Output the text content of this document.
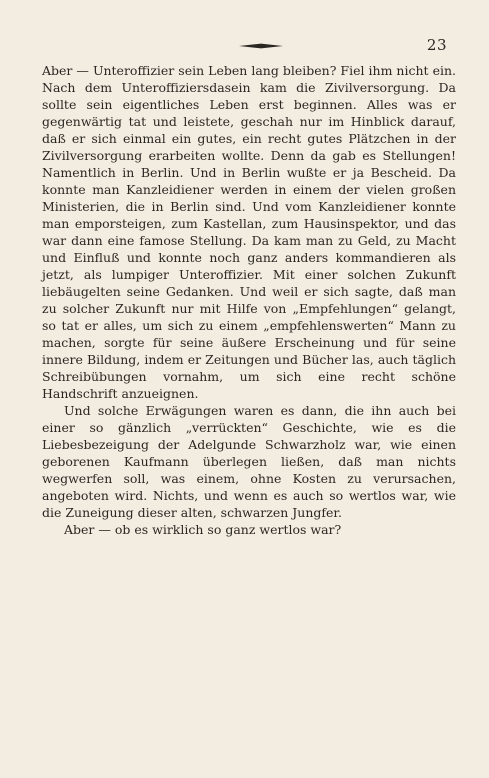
23

Aber — Unteroffizier sein Leben lang bleiben? Fiel ihm nicht ein. Nach dem Unteroffiziersdasein kam die Zivilversorgung. Da sollte sein eigentliches Leben erst beginnen. Alles was er gegenwärtig tat und leistete, geschah nur im Hinblick darauf, daß er sich einmal ein gutes, ein recht gutes Plätzchen in der Zivilversorgung erarbeiten wollte. Denn da gab es Stellungen! Namentlich in Berlin. Und in Berlin wußte er ja Bescheid. Da konnte man Kanzleidiener werden in einem der vielen großen Ministerien, die in Berlin sind. Und vom Kanzleidiener konnte man emporsteigen, zum Kastellan, zum Hausinspektor, und das war dann eine famose Stellung. Da kam man zu Geld, zu Macht und Einfluß und konnte noch ganz anders kommandieren als jetzt, als lumpiger Unteroffizier. Mit einer solchen Zukunft liebäugelten seine Gedanken. Und weil er sich sagte, daß man zu solcher Zukunft nur mit Hilfe von „Empfehlungen“ gelangt, so tat er alles, um sich zu einem „empfehlenswerten“ Mann zu machen, sorgte für seine äußere Erscheinung und für seine innere Bildung, indem er Zeitungen und Bücher las, auch täglich Schreibübungen vornahm, um sich eine recht schöne Handschrift anzueignen.

Und solche Erwägungen waren es dann, die ihn auch bei einer so gänzlich „verrückten“ Geschichte, wie es die Liebesbezeigung der Adelgunde Schwarzholz war, wie einen geborenen Kaufmann überlegen ließen, daß man nichts wegwerfen soll, was einem, ohne Kosten zu verursachen, angeboten wird. Nichts, und wenn es auch so wertlos war, wie die Zuneigung dieser alten, schwarzen Jungfer.

Aber — ob es wirklich so ganz wertlos war?
